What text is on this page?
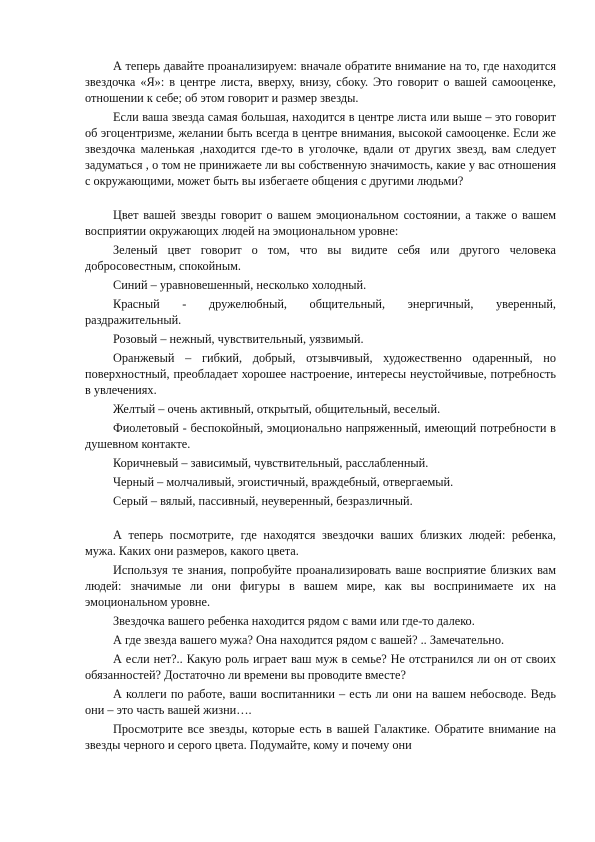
А теперь давайте проанализируем: вначале обратите внимание на то, где находится звездочка «Я»: в центре листа, вверху, внизу, сбоку. Это говорит о вашей самооценке, отношении к себе; об этом говорит и размер звезды.

Если ваша звезда самая большая, находится в центре листа или выше – это говорит об эгоцентризме, желании быть всегда в центре внимания, высокой самооценке. Если же звездочка маленькая ,находится где-то в уголочке, вдали от других звезд, вам следует задуматься , о том не принижаете ли вы собственную значимость, какие у вас отношения с окружающими, может быть вы избегаете общения с другими людьми?

Цвет вашей звезды говорит о вашем эмоциональном состоянии, а также о вашем восприятии окружающих людей на эмоциональном уровне:

Зеленый цвет говорит о том, что вы видите себя или другого человека добросовестным, спокойным.

Синий – уравновешенный, несколько холодный.

Красный - дружелюбный, общительный, энергичный, уверенный, раздражительный.

Розовый – нежный, чувствительный, уязвимый.

Оранжевый – гибкий, добрый, отзывчивый, художественно одаренный, но поверхностный, преобладает хорошее настроение, интересы неустойчивые, потребность в увлечениях.

Желтый – очень активный, открытый, общительный, веселый.

Фиолетовый - беспокойный, эмоционально напряженный, имеющий потребности в душевном контакте.

Коричневый – зависимый, чувствительный, расслабленный.

Черный – молчаливый, эгоистичный, враждебный, отвергаемый.

Серый – вялый, пассивный, неуверенный, безразличный.

А теперь посмотрите, где находятся звездочки ваших близких людей: ребенка, мужа. Каких они размеров, какого цвета.

Используя те знания, попробуйте проанализировать ваше восприятие близких вам людей: значимые ли они фигуры в вашем мире, как вы воспринимаете их на эмоциональном уровне.

Звездочка вашего ребенка находится рядом с вами или где-то далеко.

А где звезда вашего мужа? Она находится рядом с вашей? .. Замечательно.

А если нет?.. Какую роль играет ваш муж в семье? Не отстранился ли он от своих обязанностей? Достаточно ли времени вы проводите вместе?

А коллеги по работе, ваши воспитанники – есть ли они на вашем небосводе. Ведь они – это часть вашей жизни….

Просмотрите все звезды, которые есть в вашей Галактике. Обратите внимание на звезды черного и серого цвета. Подумайте, кому и почему они
